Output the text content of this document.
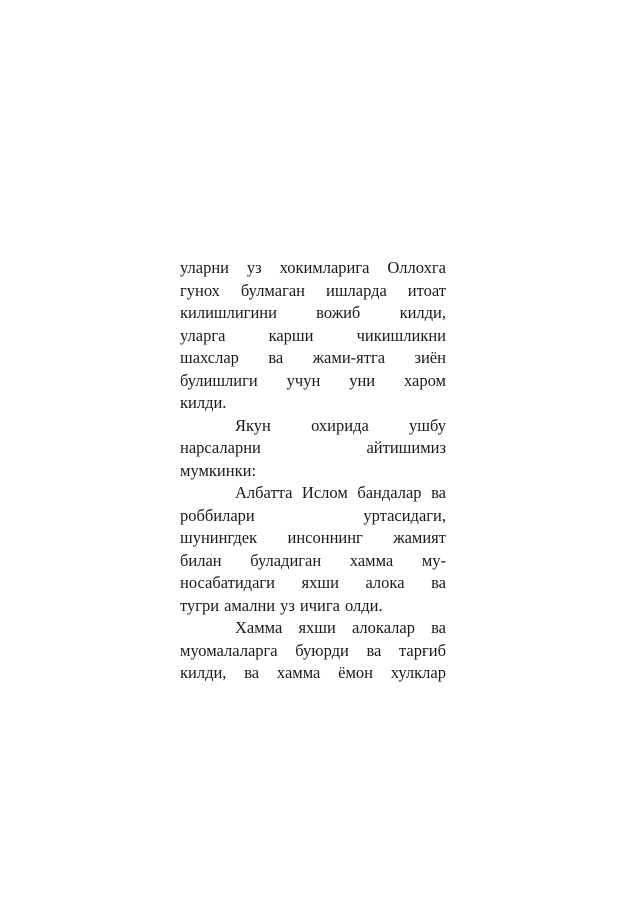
уларни уз хокимларига Оллохга
гунох булмаган ишларда итоат
килишлигини вожиб килди,
уларга	карши	чикишликни
шахслар ва жами-ятга зиён
булишлиги учун уни харом
килди.
Якун охирида ушбу
нарсаларни	айтишимиз
мумкинки:
Албатта Ислом бандалар ва
роббилари	уртасидаги,
шунингдек инсоннинг жамият
билан буладиган хамма му-
носабатидаги яхши алока ва
тугри амални уз ичига олди.
Хамма яхши алокалар ва
муомалаларга буюрди ва тарғиб
килди, ва хамма ёмон хулклар
